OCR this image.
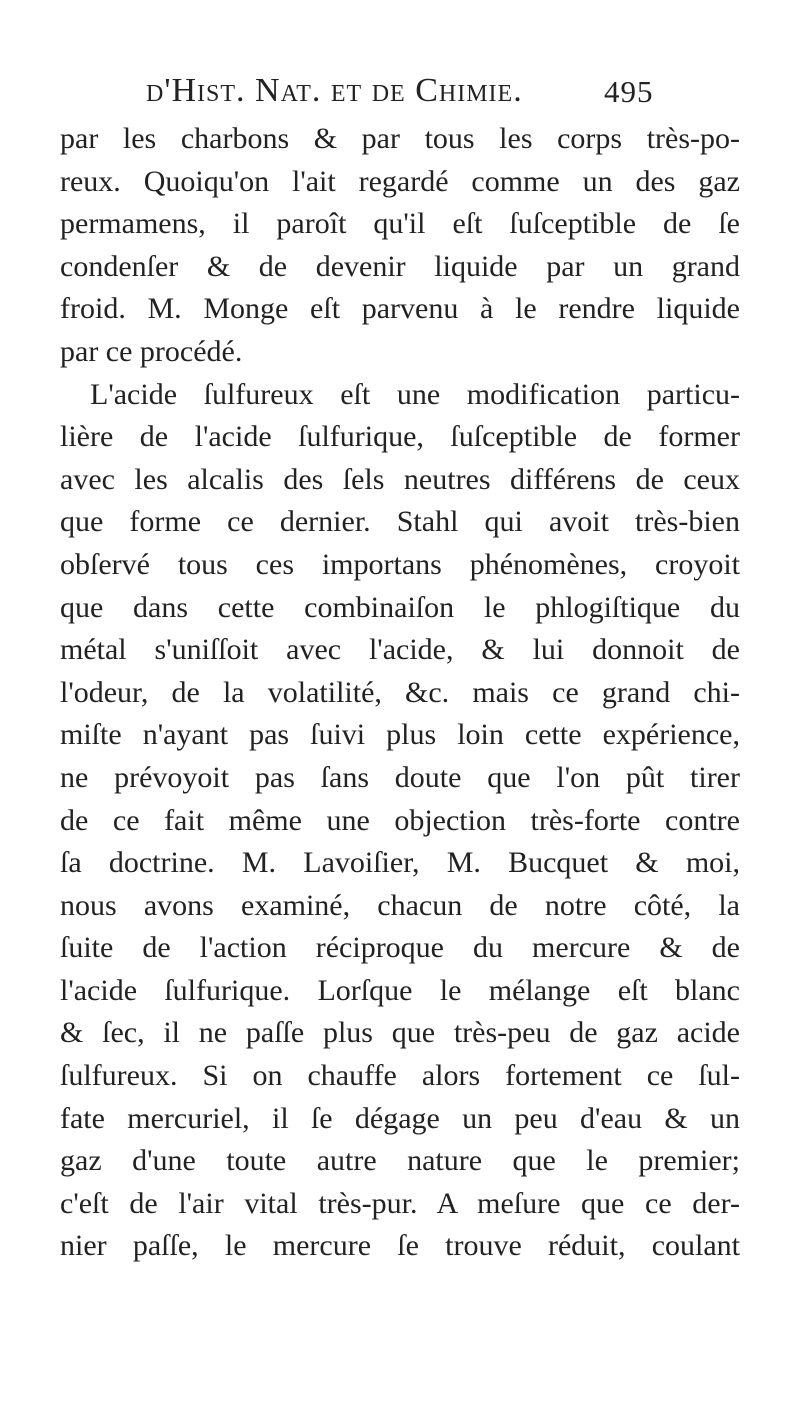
d'Hist. Nat. et de Chimie.	495
par les charbons & par tous les corps très-po-
reux. Quoiqu'on l'ait regardé comme un des gaz
permamens, il paroît qu'il eſt ſuſceptible de ſe
condenſer & de devenir liquide par un grand
froid. M. Monge eſt parvenu à le rendre liquide
par ce procédé.
L'acide ſulfureux eſt une modification particu-
lière de l'acide ſulfurique, ſuſceptible de former
avec les alcalis des ſels neutres différens de ceux
que forme ce dernier. Stahl qui avoit très-bien
obſervé tous ces importans phénomènes, croyoit
que dans cette combinaiſon le phlogiſtique du
métal s'uniſſoit avec l'acide, & lui donnoit de
l'odeur, de la volatilité, &c. mais ce grand chi-
miſte n'ayant pas ſuivi plus loin cette expérience,
ne prévoyoit pas ſans doute que l'on pût tirer
de ce fait même une objection très-forte contre
ſa doctrine. M. Lavoiſier, M. Bucquet & moi,
nous avons examiné, chacun de notre côté, la
ſuite de l'action réciproque du mercure & de
l'acide ſulfurique. Lorſque le mélange eſt blanc
& ſec, il ne paſſe plus que très-peu de gaz acide
ſulfureux. Si on chauffe alors fortement ce ſul-
fate mercuriel, il ſe dégage un peu d'eau & un
gaz d'une toute autre nature que le premier;
c'eſt de l'air vital très-pur. A meſure que ce der-
nier paſſe, le mercure ſe trouve réduit, coulant
